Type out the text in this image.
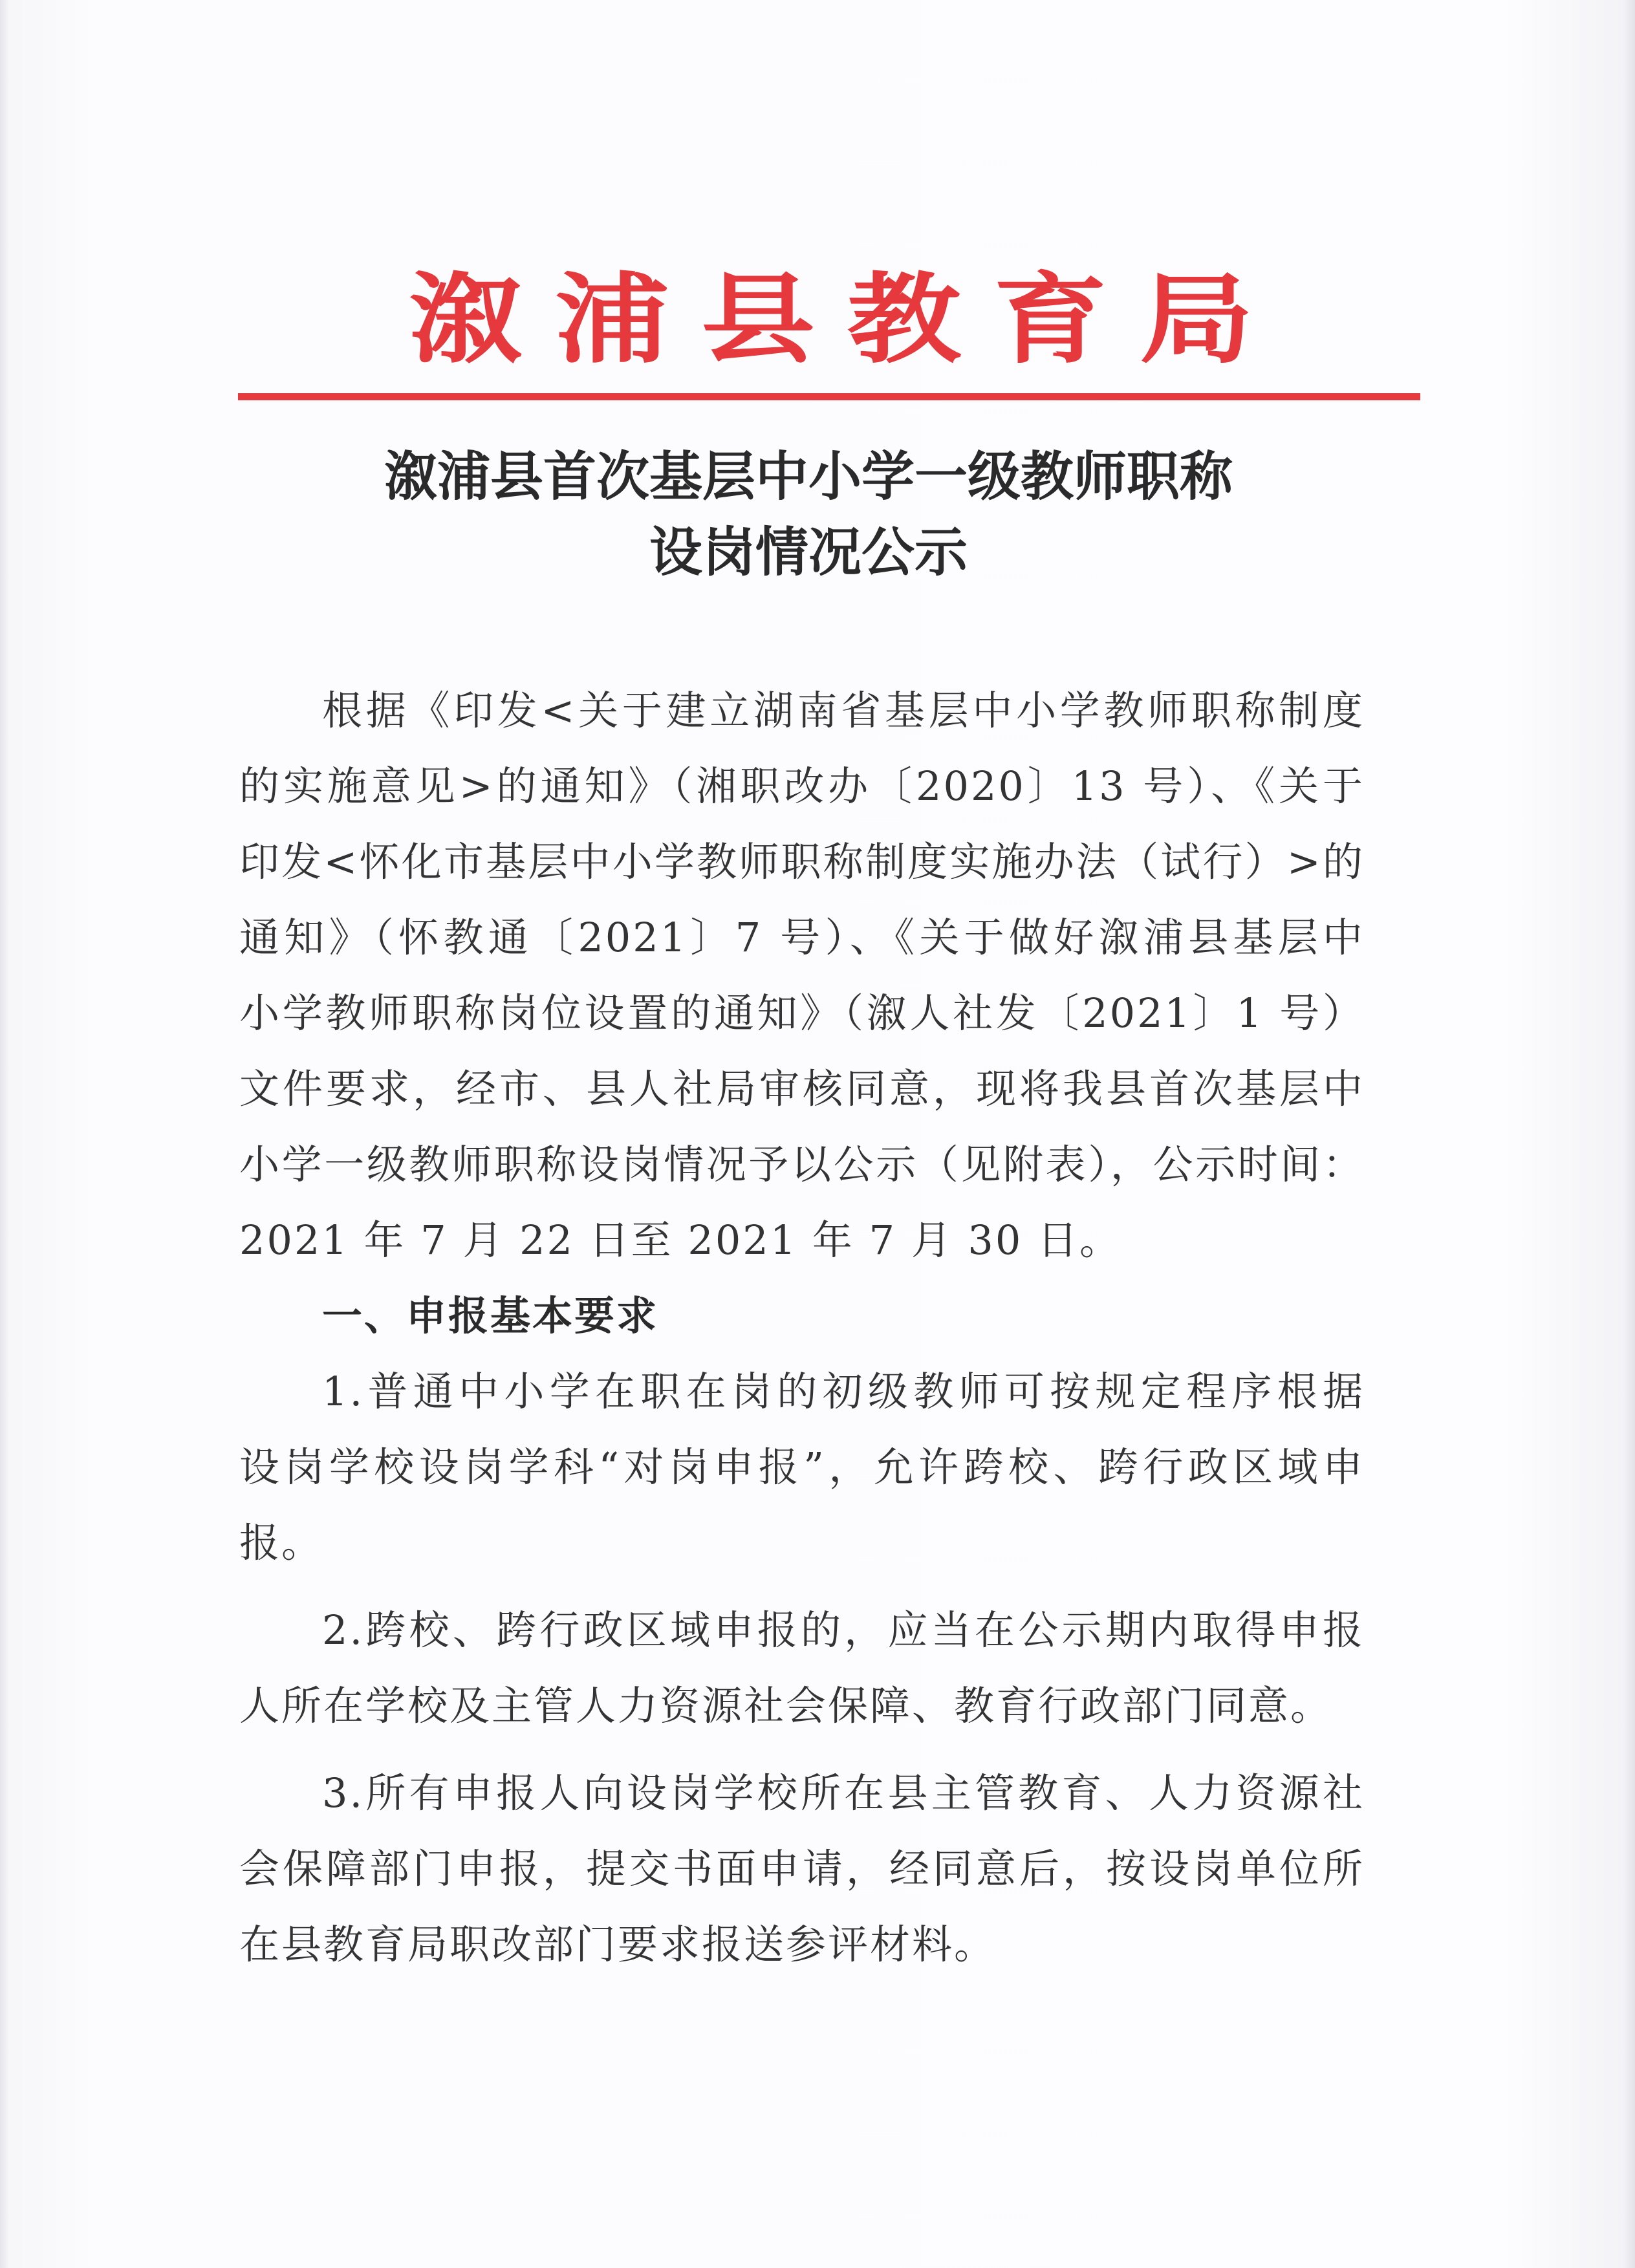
溆浦县教育局
溆浦县首次基层中小学一级教师职称
设岗情况公示
根据《印发<关于建立湖南省基层中小学教师职称制度
的实施意见>的通知》（湘职改办〔2020〕13 号）、《关于
印发<怀化市基层中小学教师职称制度实施办法（试行）>的
通知》（怀教通〔2021〕7 号）、《关于做好溆浦县基层中
小学教师职称岗位设置的通知》（溆人社发〔2021〕1 号）
文件要求，经市、县人社局审核同意，现将我县首次基层中
小学一级教师职称设岗情况予以公示（见附表），公示时间：
2021 年 7 月 22 日至 2021 年 7 月 30 日。
一、申报基本要求
1.普通中小学在职在岗的初级教师可按规定程序根据
设岗学校设岗学科“对岗申报”，允许跨校、跨行政区域申
报。
2.跨校、跨行政区域申报的，应当在公示期内取得申报
人所在学校及主管人力资源社会保障、教育行政部门同意。
3.所有申报人向设岗学校所在县主管教育、人力资源社
会保障部门申报，提交书面申请，经同意后，按设岗单位所
在县教育局职改部门要求报送参评材料。
